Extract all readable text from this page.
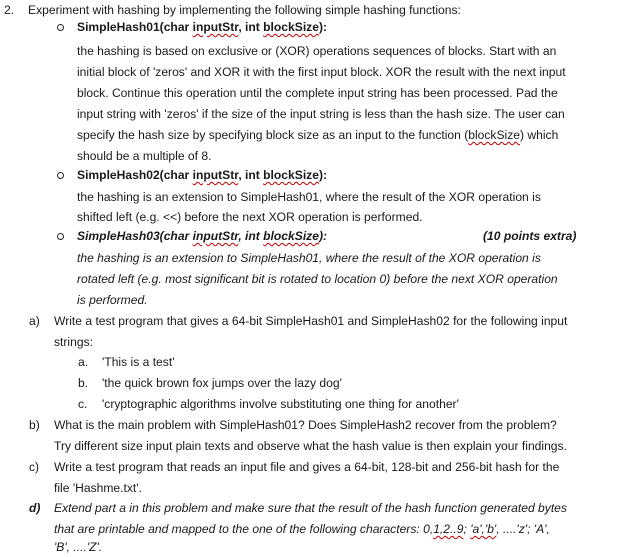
2. Experiment with hashing by implementing the following simple hashing functions:
SimpleHash01(char inputStr, int blockSize):
the hashing is based on exclusive or (XOR) operations sequences of blocks. Start with an
initial block of 'zeros' and XOR it with the first input block. XOR the result with the next input
block. Continue this operation until the complete input string has been processed. Pad the
input string with 'zeros' if the size of the input string is less than the hash size. The user can
specify the hash size by specifying block size as an input to the function (blockSize) which
should be a multiple of 8.
SimpleHash02(char inputStr, int blockSize):
the hashing is an extension to SimpleHash01, where the result of the XOR operation is
shifted left (e.g. <<) before the next XOR operation is performed.
SimpleHash03(char inputStr, int blockSize):	(10 points extra)
the hashing is an extension to SimpleHash01, where the result of the XOR operation is
rotated left (e.g. most significant bit is rotated to location 0) before the next XOR operation
is performed.
a) Write a test program that gives a 64-bit SimpleHash01 and SimpleHash02 for the following input
strings:
a. 'This is a test'
b. 'the quick brown fox jumps over the lazy dog'
c. 'cryptographic algorithms involve substituting one thing for another'
b) What is the main problem with SimpleHash01? Does SimpleHash2 recover from the problem?
Try different size input plain texts and observe what the hash value is then explain your findings.
c) Write a test program that reads an input file and gives a 64-bit, 128-bit and 256-bit hash for the
file 'Hashme.txt'.
d) Extend part a in this problem and make sure that the result of the hash function generated bytes
that are printable and mapped to the one of the following characters: 0,1,2..9; 'a','b', ....'z'; 'A',
'B', ....'Z'.
